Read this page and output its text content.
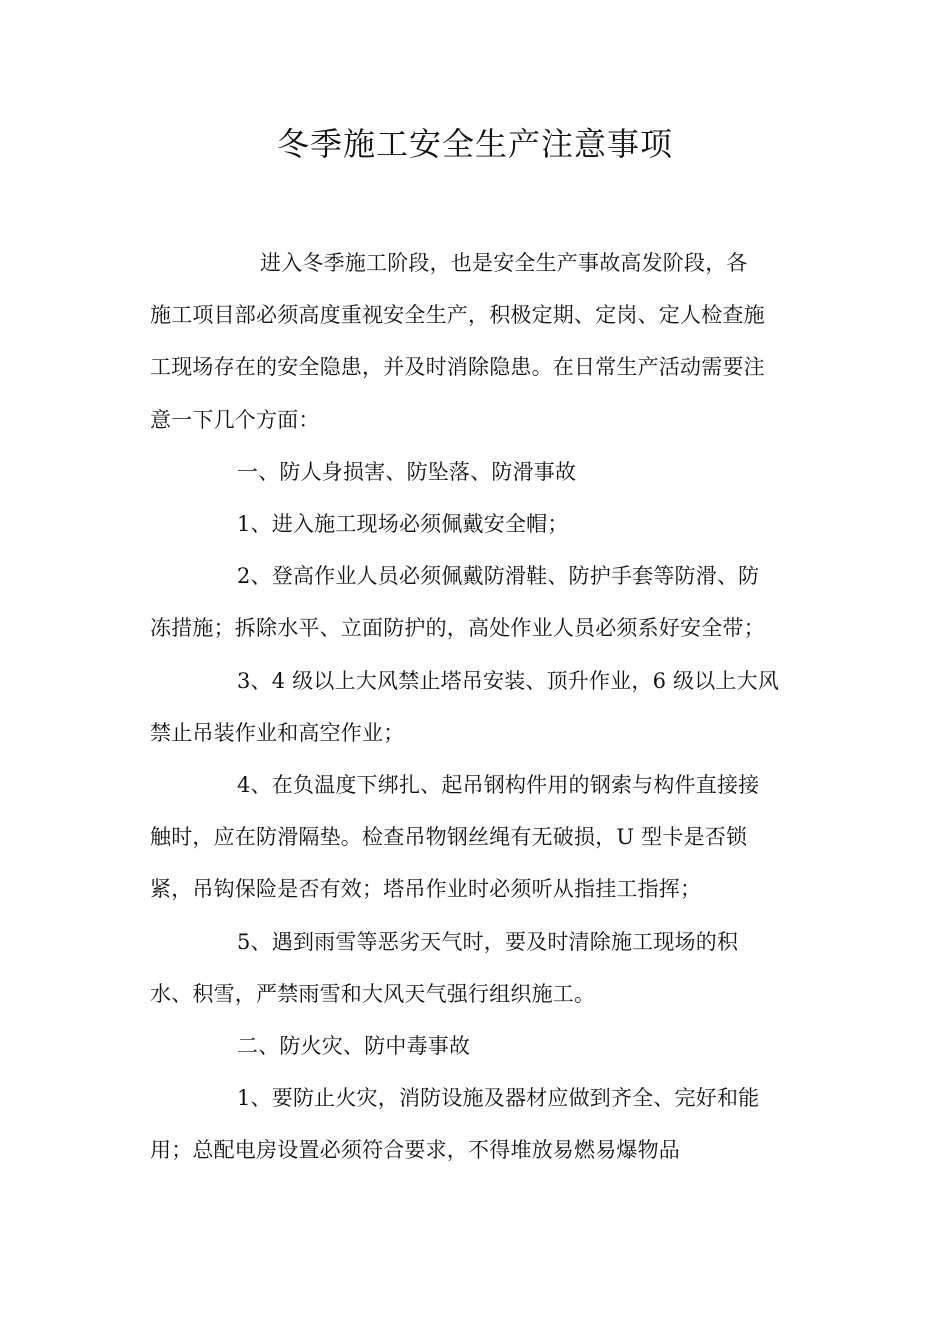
冬季施工安全生产注意事项

进入冬季施工阶段，也是安全生产事故高发阶段，各
施工项目部必须高度重视安全生产，积极定期、定岗、定人检查施
工现场存在的安全隐患，并及时消除隐患。在日常生产活动需要注
意一下几个方面：

一、防人身损害、防坠落、防滑事故

1、进入施工现场必须佩戴安全帽；

2、登高作业人员必须佩戴防滑鞋、防护手套等防滑、防
冻措施；拆除水平、立面防护的，高处作业人员必须系好安全带；

3、4 级以上大风禁止塔吊安装、顶升作业，6 级以上大风
禁止吊装作业和高空作业；

4、在负温度下绑扎、起吊钢构件用的钢索与构件直接接
触时，应在防滑隔垫。检查吊物钢丝绳有无破损，U 型卡是否锁
紧，吊钩保险是否有效；塔吊作业时必须听从指挂工指挥；

5、遇到雨雪等恶劣天气时，要及时清除施工现场的积
水、积雪，严禁雨雪和大风天气强行组织施工。

二、防火灾、防中毒事故

1、要防止火灾，消防设施及器材应做到齐全、完好和能
用；总配电房设置必须符合要求，不得堆放易燃易爆物品
